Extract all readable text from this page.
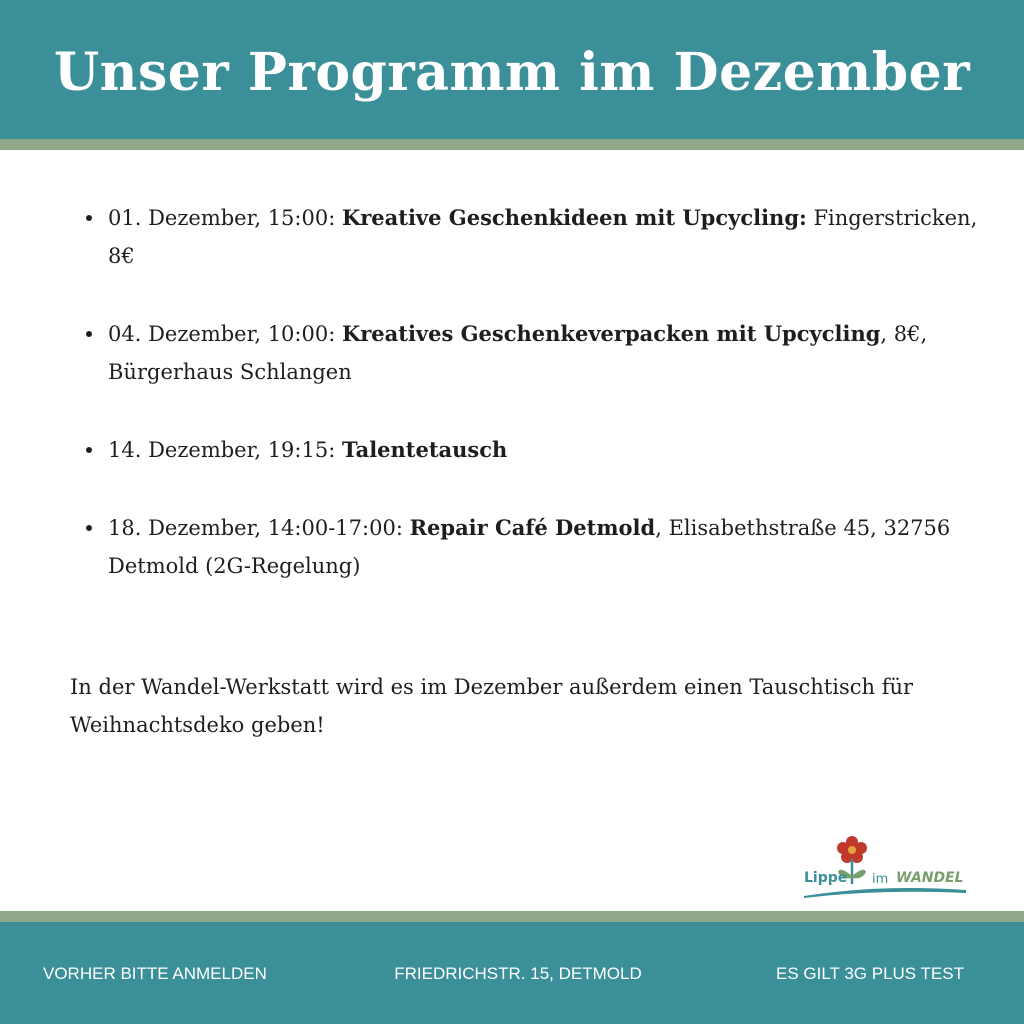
Unser Programm im Dezember
01. Dezember, 15:00: Kreative Geschenkideen mit Upcycling: Fingerstricken, 8€
04. Dezember, 10:00: Kreatives Geschenkeverpacken mit Upcycling, 8€, Bürgerhaus Schlangen
14. Dezember, 19:15: Talentetausch
18. Dezember, 14:00-17:00: Repair Café Detmold, Elisabethstraße 45, 32756 Detmold (2G-Regelung)

In der Wandel-Werkstatt wird es im Dezember außerdem einen Tauschtisch für Weihnachtsdeko geben!

Lippe im WANDEL
VORHER BITTE ANMELDEN	FRIEDRICHSTR. 15, DETMOLD	ES GILT 3G PLUS TEST
